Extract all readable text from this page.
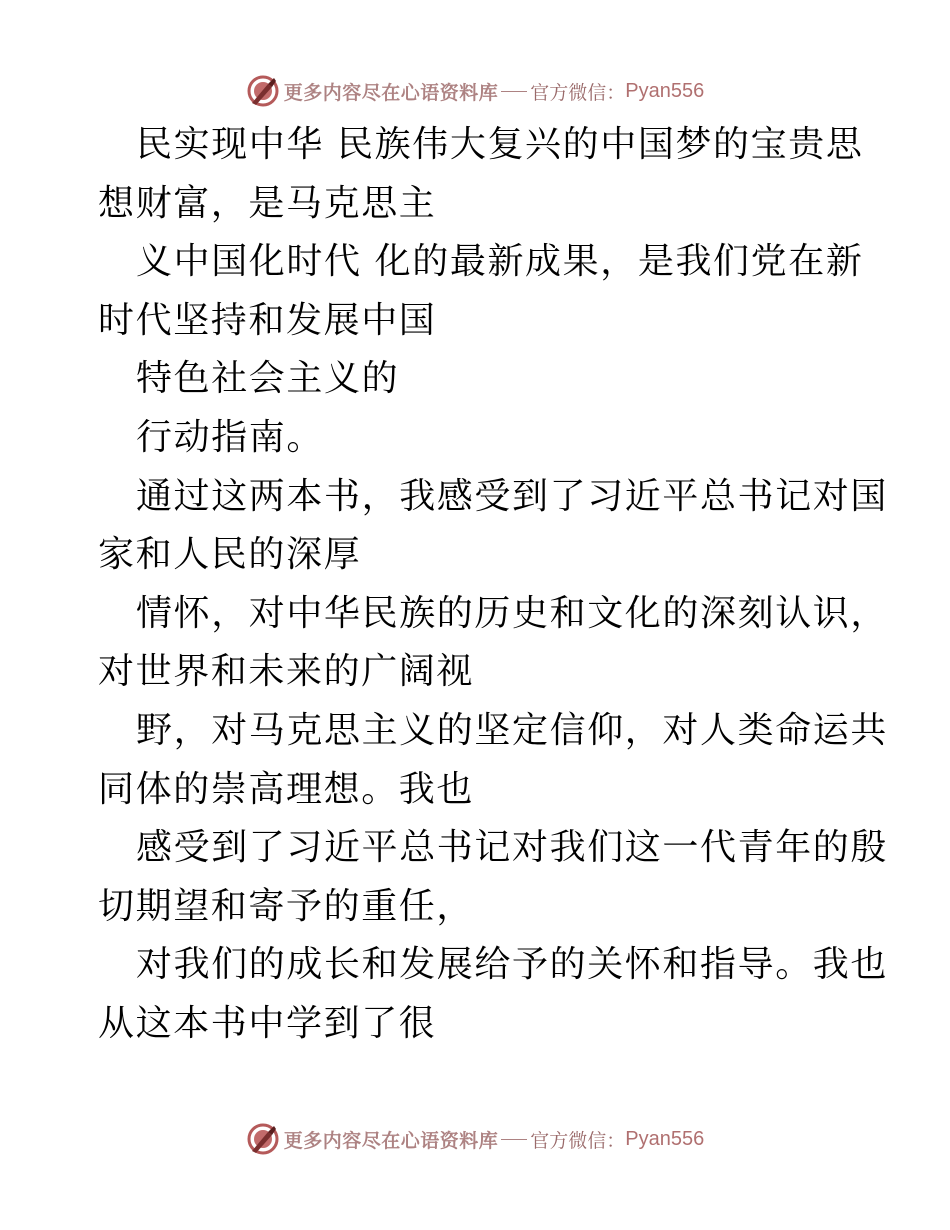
更多内容尽在心语资料库 官方微信： Pyan556

民实现中华 民族伟大复兴的中国梦的宝贵思想财富，是马克思主

义中国化时代 化的最新成果，是我们党在新时代坚持和发展中国

特色社会主义的

行动指南。

通过这两本书，我感受到了习近平总书记对国家和人民的深厚

情怀，对中华民族的历史和文化的深刻认识，对世界和未来的广阔视

野，对马克思主义的坚定信仰，对人类命运共同体的崇高理想。我也

感受到了习近平总书记对我们这一代青年的殷切期望和寄予的重任，

对我们的成长和发展给予的关怀和指导。我也从这本书中学到了很

更多内容尽在心语资料库 官方微信： Pyan556
